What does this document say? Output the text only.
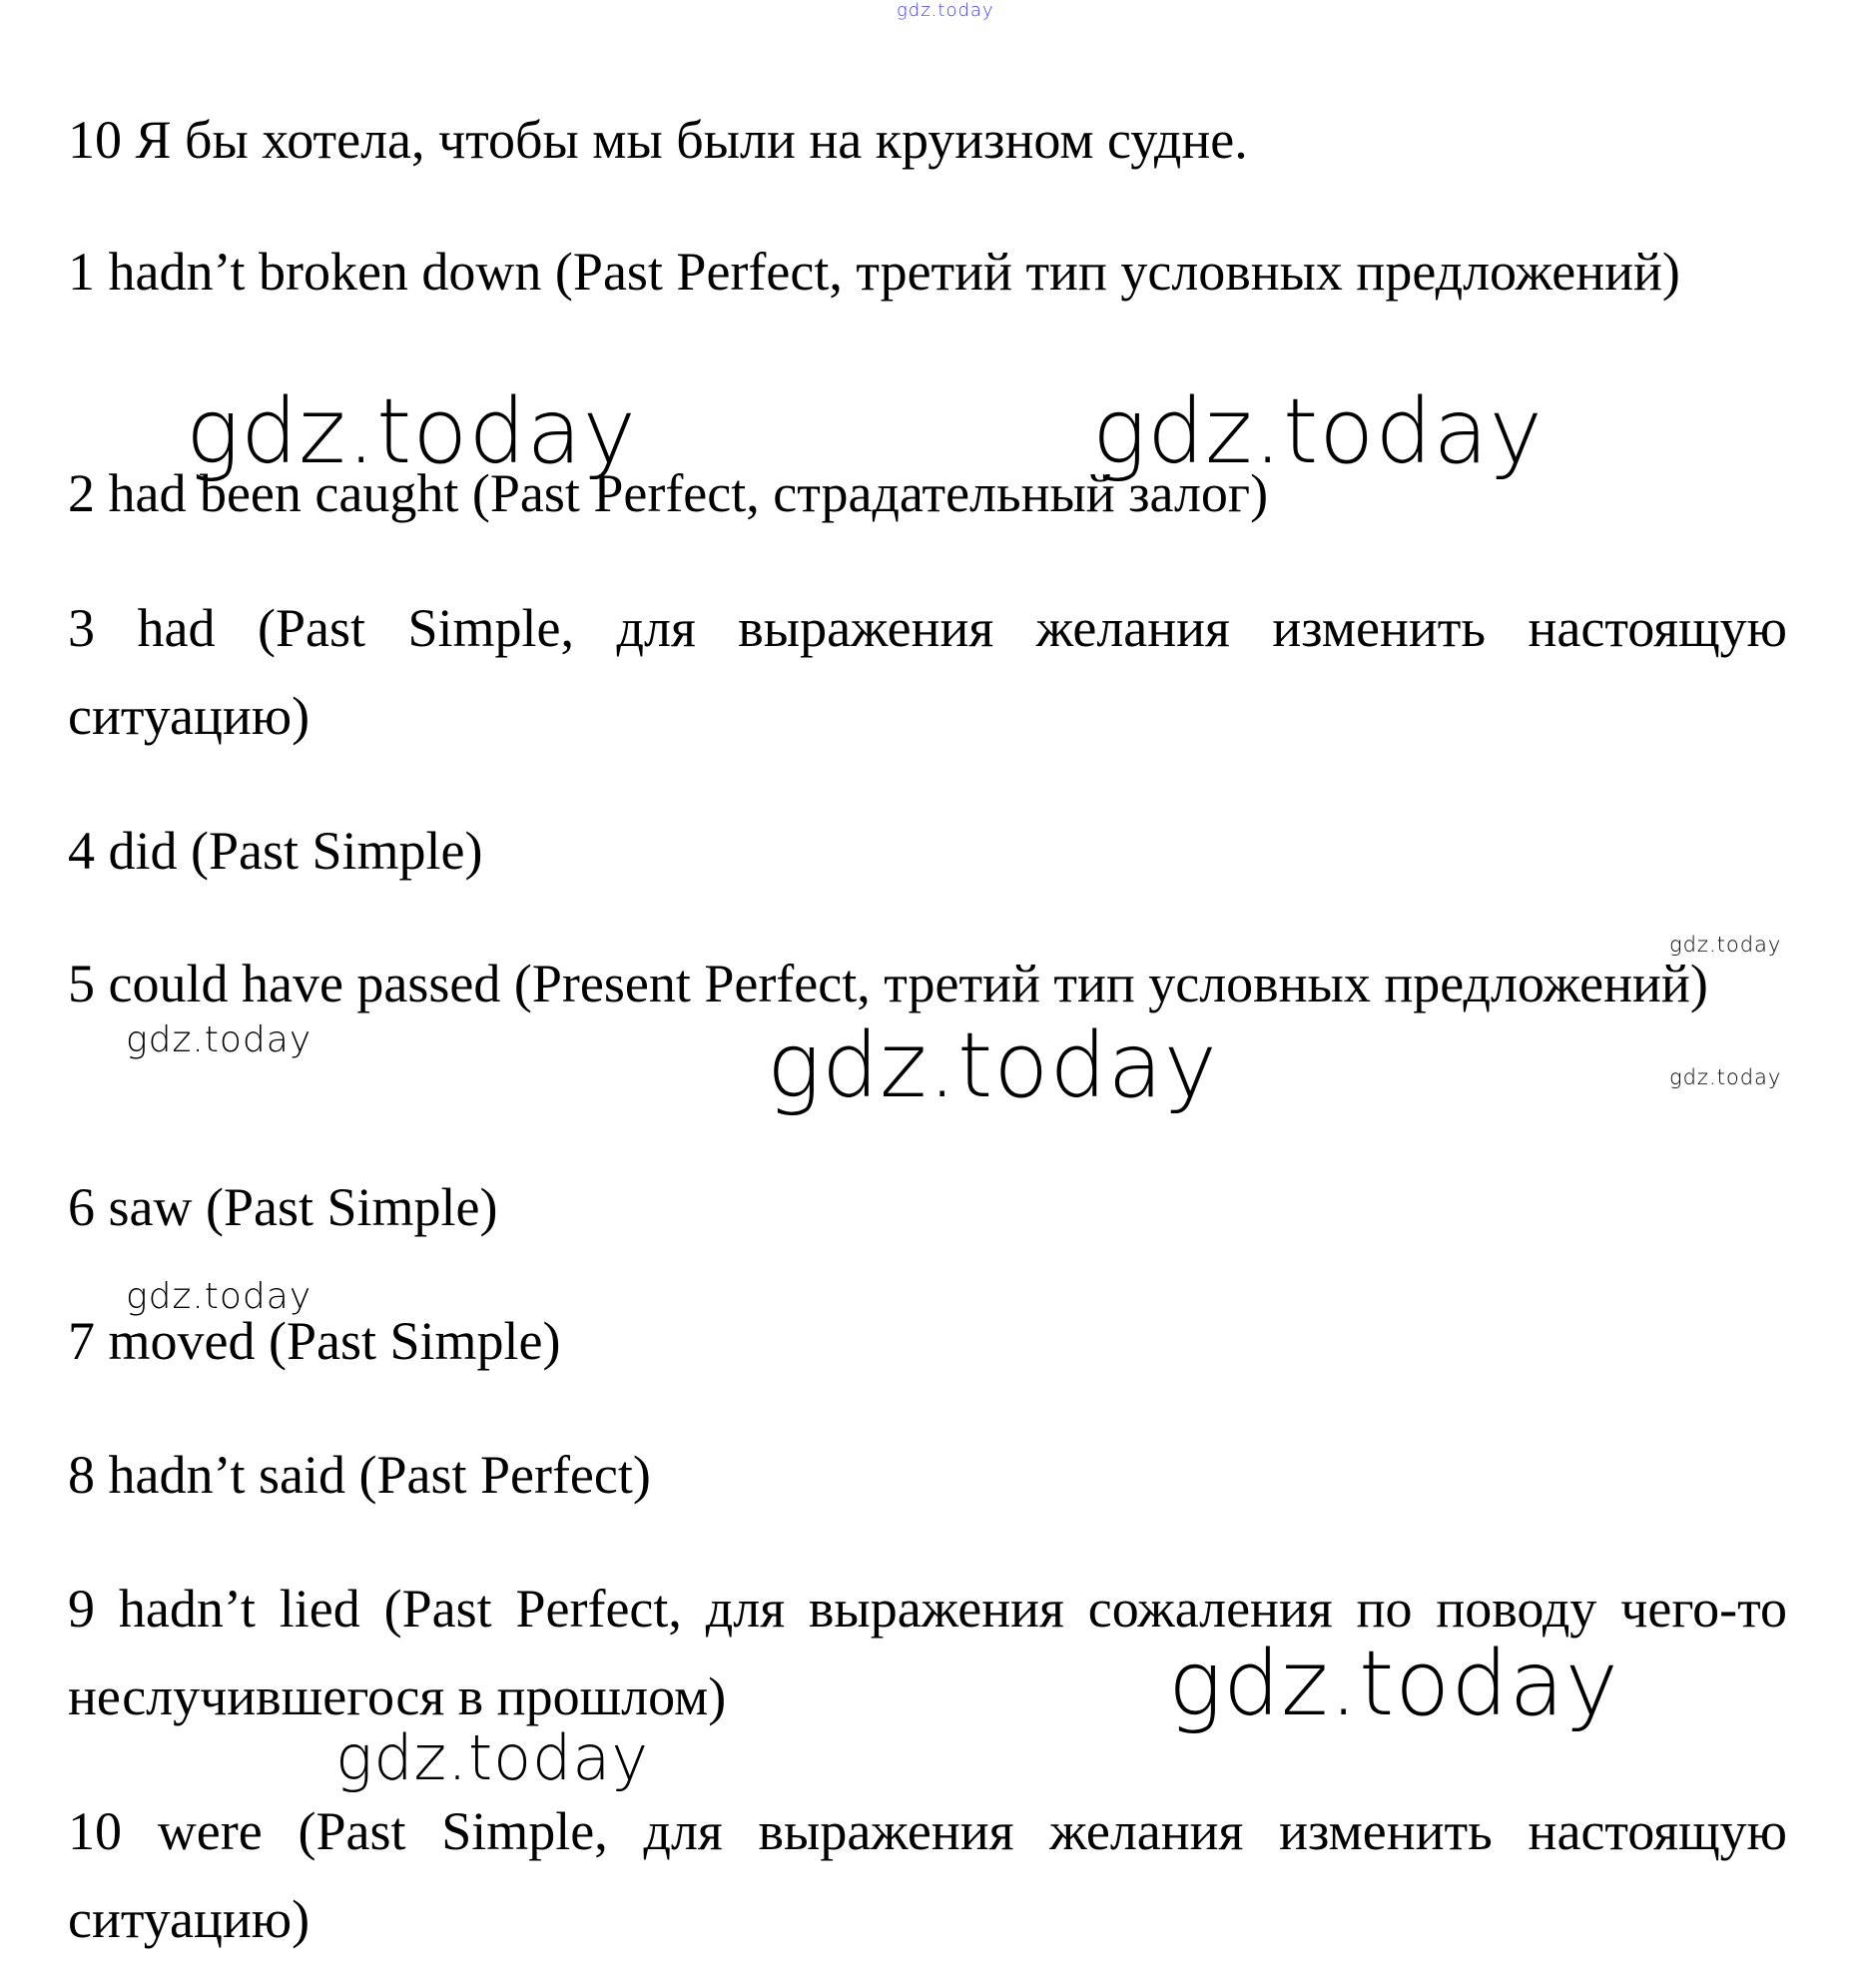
10 Я бы хотела, чтобы мы были на круизном судне.

1 hadn’t broken down (Past Perfect, третий тип условных предложений)

2 had been caught (Past Perfect, страдательный залог)

3 had (Past Simple, для выражения желания изменить настоящую ситуацию)

4 did (Past Simple)

5 could have passed (Present Perfect, третий тип условных предложений)

6 saw (Past Simple)

7 moved (Past Simple)

8 hadn’t said (Past Perfect)

9 hadn’t lied (Past Perfect, для выражения сожаления по поводу чего-то неслучившегося в прошлом)

10 were (Past Simple, для выражения желания изменить настоящую ситуацию)

gdz.today
gdz.today	gdz.today
gdz.today
gdz.today	gdz.today	gdz.today
gdz.today
gdz.today
gdz.today
